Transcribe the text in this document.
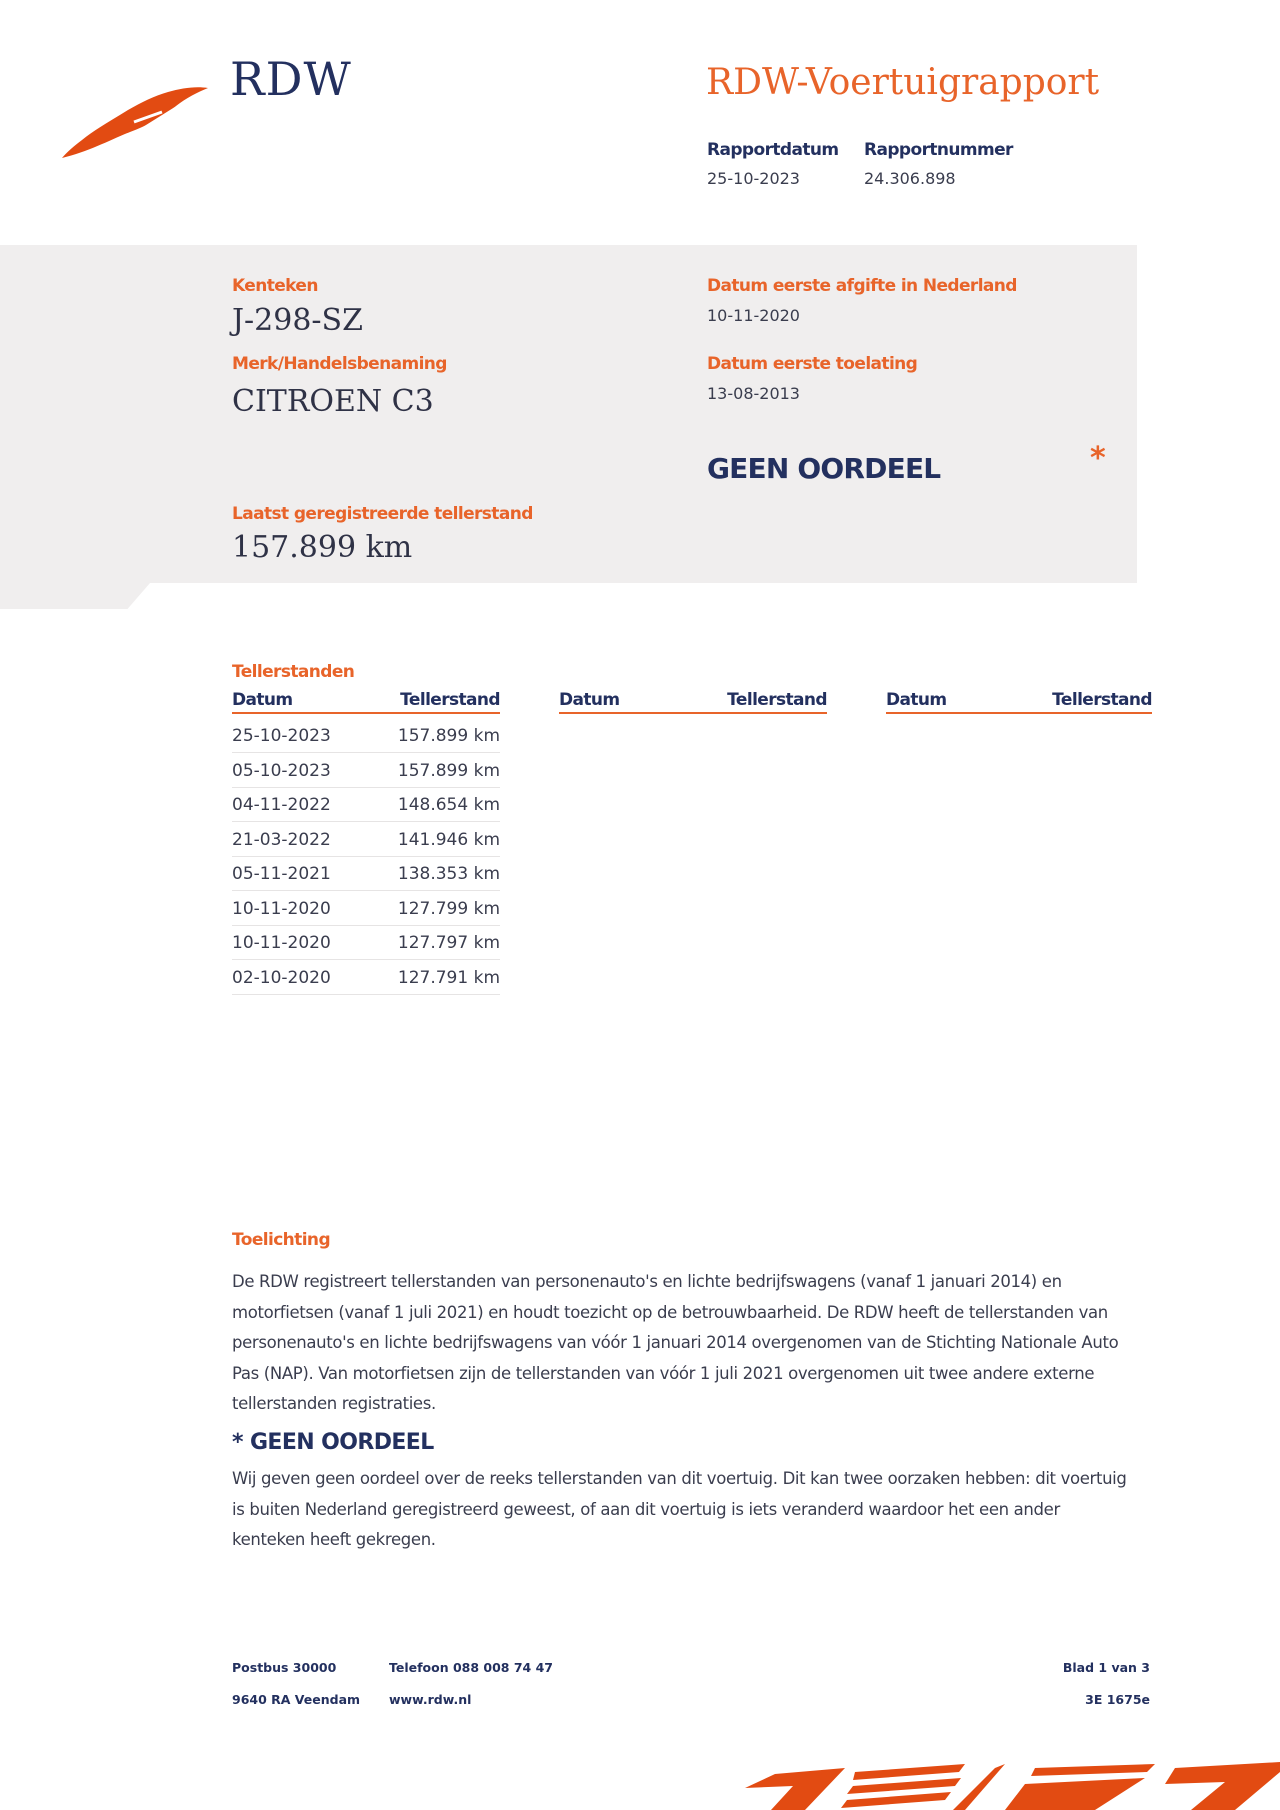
RDW	RDW-Voertuigrapport
Rapportdatum
25-10-2023
Rapportnummer
24.306.898
Kenteken
J-298-SZ
Merk/Handelsbenaming
CITROEN C3
Datum eerste afgifte in Nederland
10-11-2020
Datum eerste toelating
13-08-2013
GEEN OORDEEL	*
Laatst geregistreerde tellerstand
157.899 km
Tellerstanden
Datum	Tellerstand
25-10-2023	157.899 km
05-10-2023	157.899 km
04-11-2022	148.654 km
21-03-2022	141.946 km
05-11-2021	138.353 km
10-11-2020	127.799 km
10-11-2020	127.797 km
02-10-2020	127.791 km
Datum	Tellerstand	Datum	Tellerstand
Toelichting
De RDW registreert tellerstanden van personenauto's en lichte bedrijfswagens (vanaf 1 januari 2014) en motorfietsen (vanaf 1 juli 2021) en houdt toezicht op de betrouwbaarheid. De RDW heeft de tellerstanden van personenauto's en lichte bedrijfswagens van vóór 1 januari 2014 overgenomen van de Stichting Nationale Auto Pas (NAP). Van motorfietsen zijn de tellerstanden van vóór 1 juli 2021 overgenomen uit twee andere externe tellerstanden registraties.
* GEEN OORDEEL
Wij geven geen oordeel over de reeks tellerstanden van dit voertuig. Dit kan twee oorzaken hebben: dit voertuig is buiten Nederland geregistreerd geweest, of aan dit voertuig is iets veranderd waardoor het een ander kenteken heeft gekregen.
Postbus 30000
9640 RA Veendam
Telefoon 088 008 74 47
www.rdw.nl
Blad 1 van 3
3E 1675e
